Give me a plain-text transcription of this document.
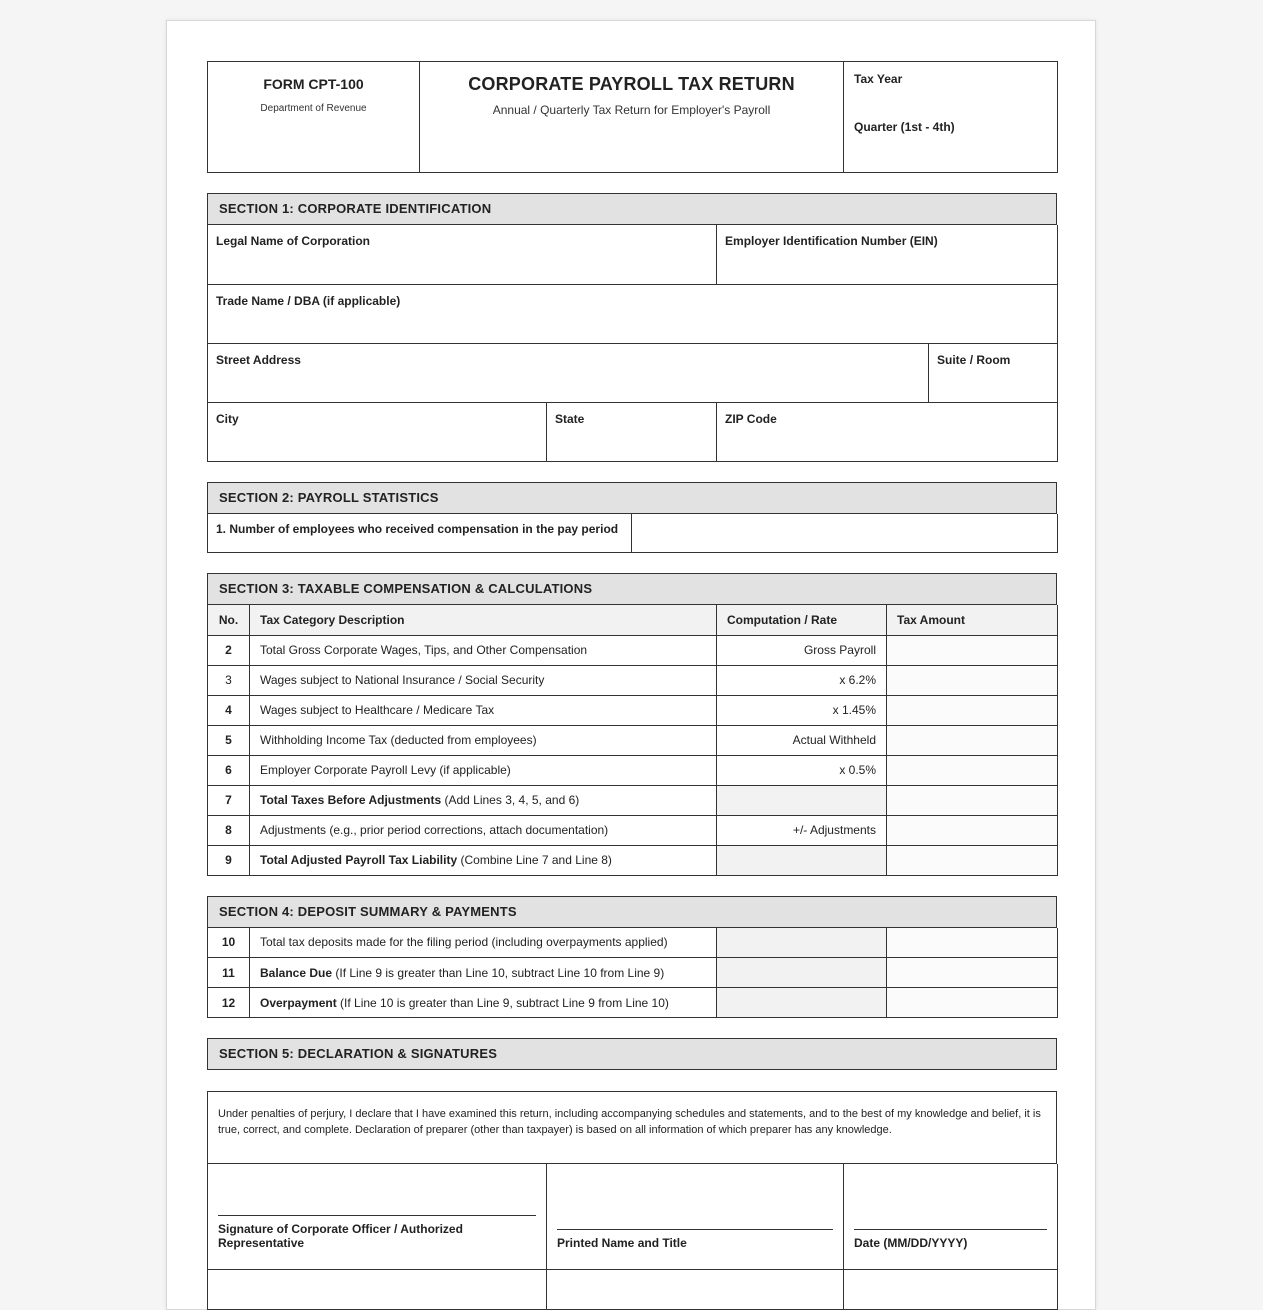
FORM CPT-100
Department of Revenue

CORPORATE PAYROLL TAX RETURN
Annual / Quarterly Tax Return for Employer's Payroll

Tax Year
Quarter (1st - 4th)
SECTION 1: CORPORATE IDENTIFICATION
Legal Name of Corporation		Employer Identification Number (EIN)	
Trade Name / DBA (if applicable)			
Street Address			Suite / Room
City	State	ZIP Code	
SECTION 2: PAYROLL STATISTICS
1. Number of employees who received compensation in the pay period	
SECTION 3: TAXABLE COMPENSATION & CALCULATIONS
No.	Tax Category Description	Computation / Rate	Tax Amount
2	Total Gross Corporate Wages, Tips, and Other Compensation	Gross Payroll	
3	Wages subject to National Insurance / Social Security	x 6.2%	
4	Wages subject to Healthcare / Medicare Tax	x 1.45%	
5	Withholding Income Tax (deducted from employees)	Actual Withheld	
6	Employer Corporate Payroll Levy (if applicable)	x 0.5%	
7	Total Taxes Before Adjustments (Add Lines 3, 4, 5, and 6)		
8	Adjustments (e.g., prior period corrections, attach documentation)	+/- Adjustments	
9	Total Adjusted Payroll Tax Liability (Combine Line 7 and Line 8)		
SECTION 4: DEPOSIT SUMMARY & PAYMENTS
10	Total tax deposits made for the filing period (including overpayments applied)		
11	Balance Due (If Line 9 is greater than Line 10, subtract Line 10 from Line 9)		
12	Overpayment (If Line 10 is greater than Line 9, subtract Line 9 from Line 10)		
SECTION 5: DECLARATION & SIGNATURES
Under penalties of perjury, I declare that I have examined this return, including accompanying schedules and statements, and to the best of my knowledge and belief, it is true, correct, and complete. Declaration of preparer (other than taxpayer) is based on all information of which preparer has any knowledge.
Signature of Corporate Officer / Authorized Representative	Printed Name and Title	Date (MM/DD/YYYY)
